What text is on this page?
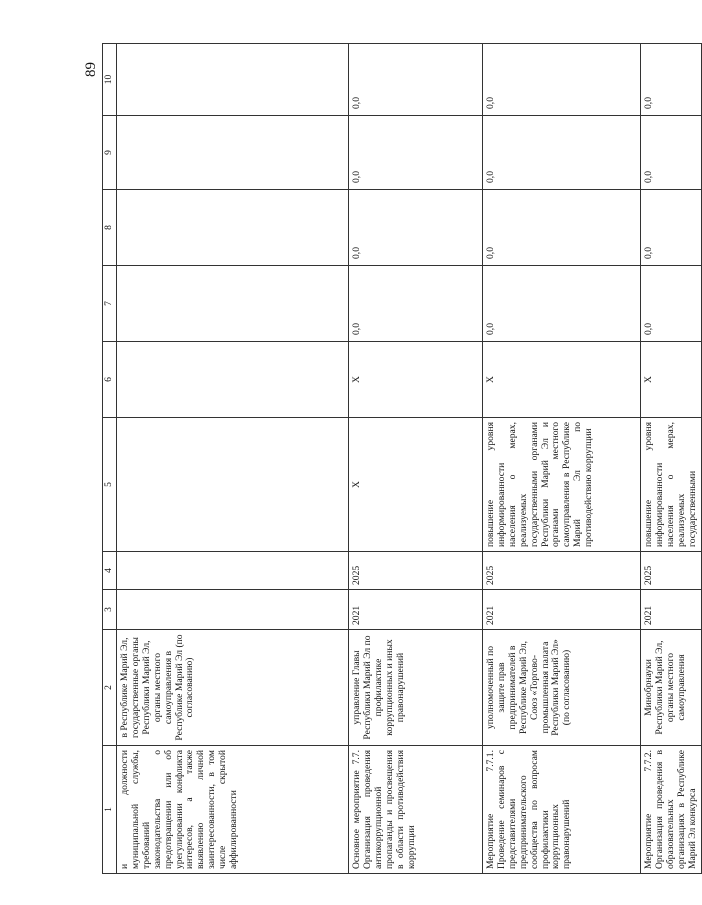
89
1	2	3	4	5	6	7	8	9	10
и должности муниципальной службы, требований законодательства о предотвращении или об урегулировании конфликта интересов, а также выявлению личной заинтересованности, в том числе скрытой аффилированности	в Республике Марий Эл, государственные органы Республики Марий Эл, органы местного самоуправления в Республике Марий Эл (по согласованию)								
Основное мероприятие 7.7. Организация проведения антикоррупционной пропаганды и просвещения в области противодействия коррупции	управление Главы Республики Марий Эл по профилактике коррупционных и иных правонарушений	2021	2025	Х	Х	0,0	0,0	0,0	0,0
Мероприятие 7.7.1. Проведение семинаров с представителями предпринимательского сообщества по вопросам профилактики коррупционных правонарушений	уполномоченный по защите прав предпринимателей в Республике Марий Эл, Союз «Торгово-промышленная палата Республики Марий Эл» (по согласованию)	2021	2025	повышение уровня информированности населения о мерах, реализуемых государственными органами Республики Марий Эл и органами местного самоуправления в Республике Марий Эл по противодействию коррупции	Х	0,0	0,0	0,0	0,0
Мероприятие 7.7.2. Организация проведения в образовательных организациях в Республике Марий Эл конкурса	Минобрнауки Республики Марий Эл, органы местного самоуправления	2021	2025	повышение уровня информированности населения о мерах, реализуемых государственными	Х	0,0	0,0	0,0	0,0
